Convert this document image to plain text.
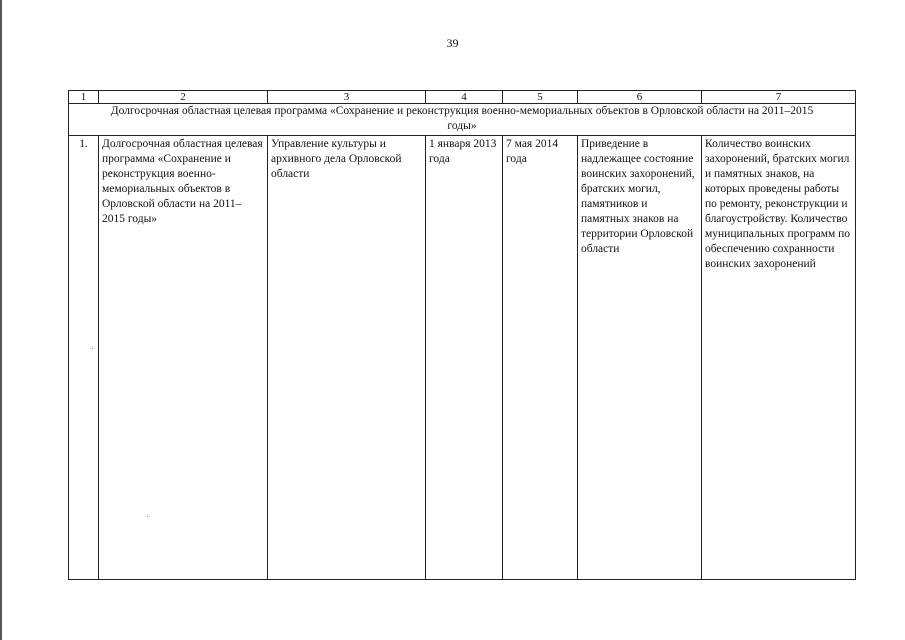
39
1	2	3	4	5	6	7
Долгосрочная областная целевая программа «Сохранение и реконструкция военно-мемориальных объектов в Орловской области на 2011–2015 годы»						
1.	Долгосрочная областная целевая программа «Сохранение и реконструкция военно-мемориальных объектов в Орловской области на 2011–2015 годы»	Управление культуры и архивного дела Орловской области	1 января 2013 года	7 мая 2014 года	Приведение в надлежащее состояние воинских захоронений, братских могил, памятников и памятных знаков на территории Орловской области	Количество воинских захоронений, братских могил и памятных знаков, на которых проведены работы по ремонту, реконструкции и благоустройству. Количество муниципальных программ по обеспечению сохранности воинских захоронений
